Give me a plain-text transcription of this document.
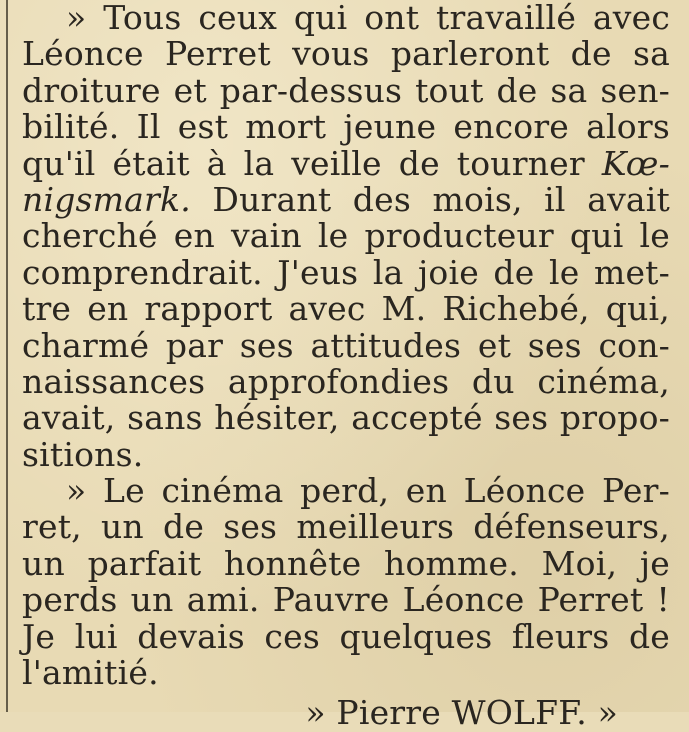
» Tous ceux qui ont travaillé avec
Léonce Perret vous parleront de sa
droiture et par-dessus tout de sa sen-
bilité. Il est mort jeune encore alors
qu'il était à la veille de tourner Kœ-
nigsmark. Durant des mois, il avait
cherché en vain le producteur qui le
comprendrait. J'eus la joie de le met-
tre en rapport avec M. Richebé, qui,
charmé par ses attitudes et ses con-
naissances approfondies du cinéma,
avait, sans hésiter, accepté ses propo-
sitions.
» Le cinéma perd, en Léonce Per-
ret, un de ses meilleurs défenseurs,
un parfait honnête homme. Moi, je
perds un ami. Pauvre Léonce Perret !
Je lui devais ces quelques fleurs de
l'amitié.
» Pierre WOLFF. »
